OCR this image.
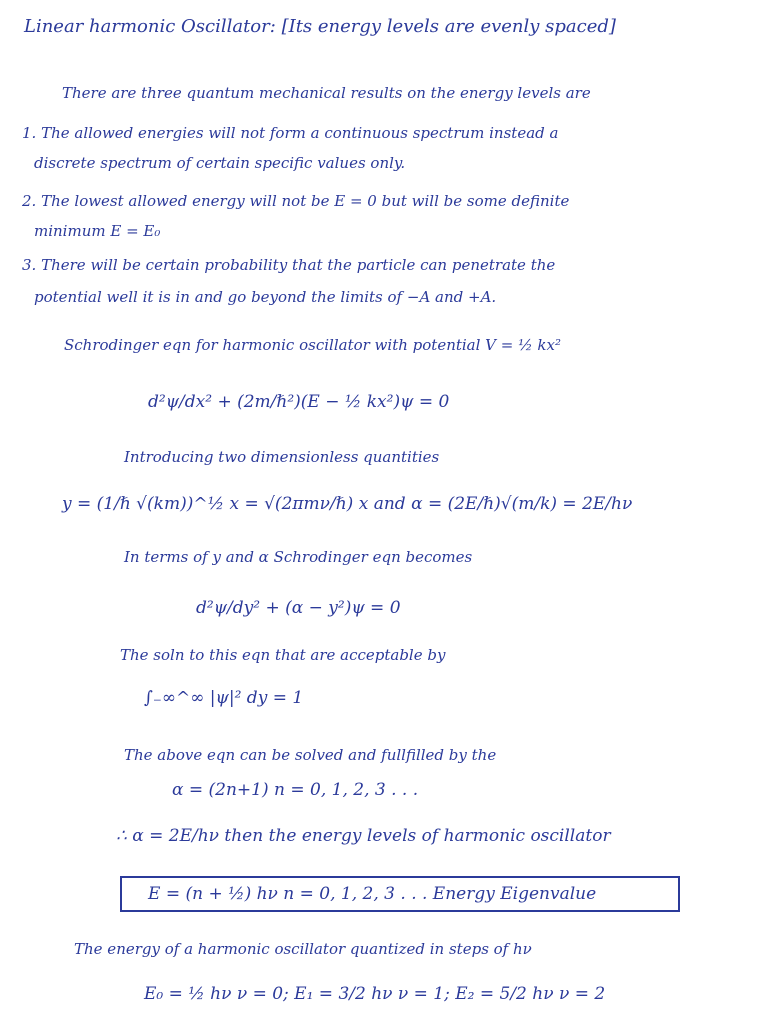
Linear harmonic Oscillator: [Its energy levels are evenly spaced]
There are three quantum mechanical results on the energy levels are
1. The allowed energies will not form a continuous spectrum instead a
discrete spectrum of certain specific values only.
2. The lowest allowed energy will not be E = 0 but will be some definite
minimum E = E₀
3. There will be certain probability that the particle can penetrate the
potential well it is in and go beyond the limits of −A and +A.
Schrodinger eqn for harmonic oscillator with potential V = ½ kx²
d²ψ/dx² + (2m/ℏ²)(E − ½ kx²)ψ = 0
Introducing two dimensionless quantities
y = (1/ℏ √(km))^½ x = √(2πmν/ℏ) x and α = (2E/ℏ)√(m/k) = 2E/hν
In terms of y and α Schrodinger eqn becomes
d²ψ/dy² + (α − y²)ψ = 0
The soln to this eqn that are acceptable by
∫₋∞^∞ |ψ|² dy = 1
The above eqn can be solved and fullfilled by the
α = (2n+1) n = 0, 1, 2, 3 . . .
∴ α = 2E/hν then the energy levels of harmonic oscillator
E = (n + ½) hν n = 0, 1, 2, 3 . . . Energy Eigenvalue
The energy of a harmonic oscillator quantized in steps of hν
E₀ = ½ hν ν = 0; E₁ = 3/2 hν ν = 1; E₂ = 5/2 hν ν = 2
